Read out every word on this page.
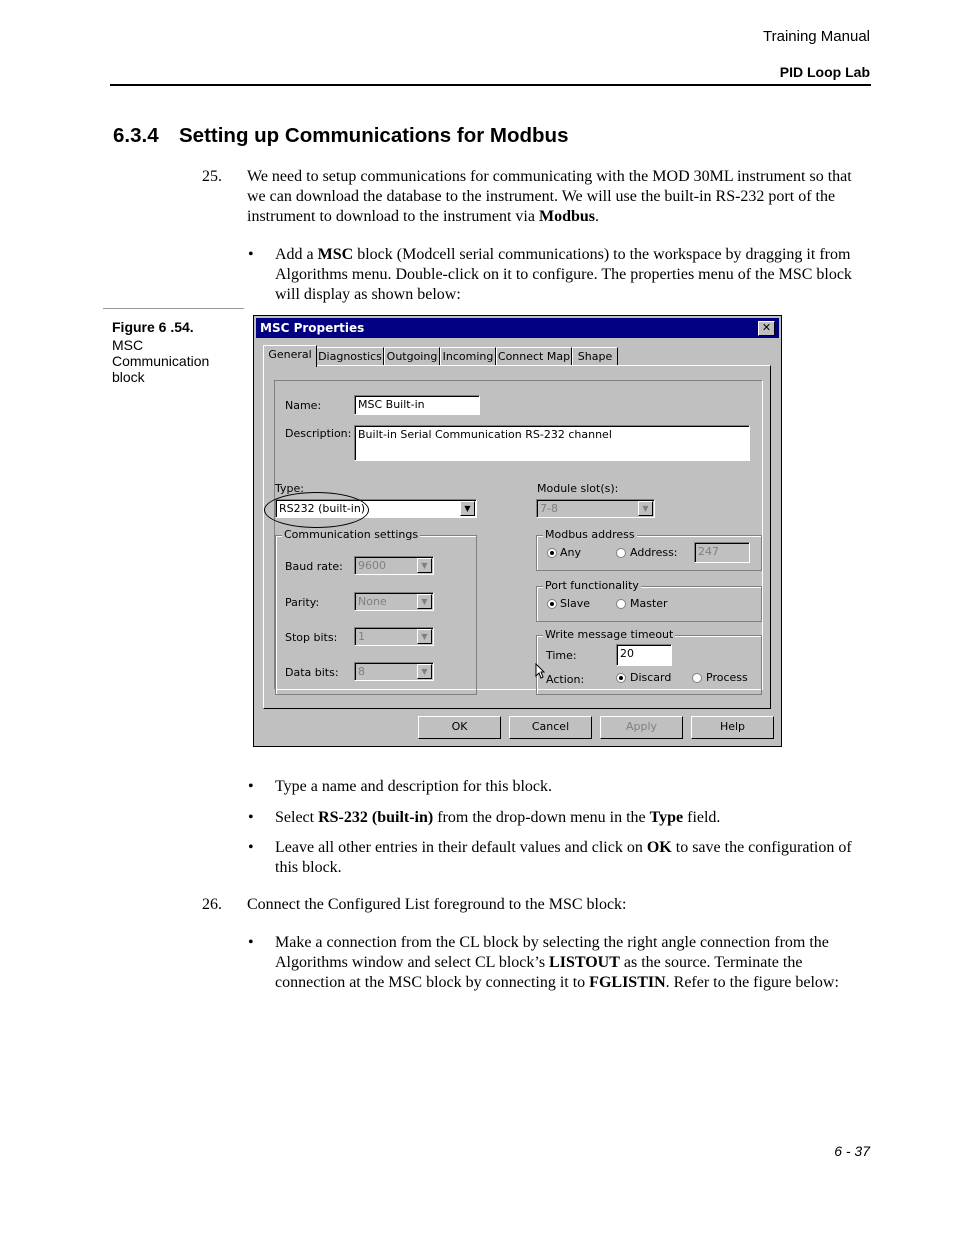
Training Manual
PID Loop Lab
6.3.4 Setting up Communications for Modbus
25.	We need to setup communications for communicating with the MOD 30ML instrument so that we can download the database to the instrument. We will use the built-in RS-232 port of the instrument to download to the instrument via Modbus.
• Add a MSC block (Modcell serial communications) to the workspace by dragging it from Algorithms menu. Double-click on it to configure. The properties menu of the MSC block will display as shown below:
Figure 6 .54.
MSC Communication block
MSC Properties	✕
General Diagnostics Outgoing Incoming Connect Map Shape
Name:	MSC Built-in
Description: Built-in Serial Communication RS-232 channel
Type:
RS232 (built-in)	▼
Module slot(s):
7-8	▼
Communication settings
Baud rate:	9600	▼
Parity:	None	▼
Stop bits:	1	▼
Data bits:	8	▼
Modbus address
Any	Address:	247
Port functionality
Slave	Master
Write message timeout
Time:	20
Action:	Discard	Process
OK	Cancel	Apply	Help
• Type a name and description for this block.
• Select RS-232 (built-in) from the drop-down menu in the Type field.
• Leave all other entries in their default values and click on OK to save the configuration of this block.
26.	Connect the Configured List foreground to the MSC block:
• Make a connection from the CL block by selecting the right angle connection from the Algorithms window and select CL block’s LISTOUT as the source. Terminate the connection at the MSC block by connecting it to FGLISTIN. Refer to the figure below:
6 - 37
